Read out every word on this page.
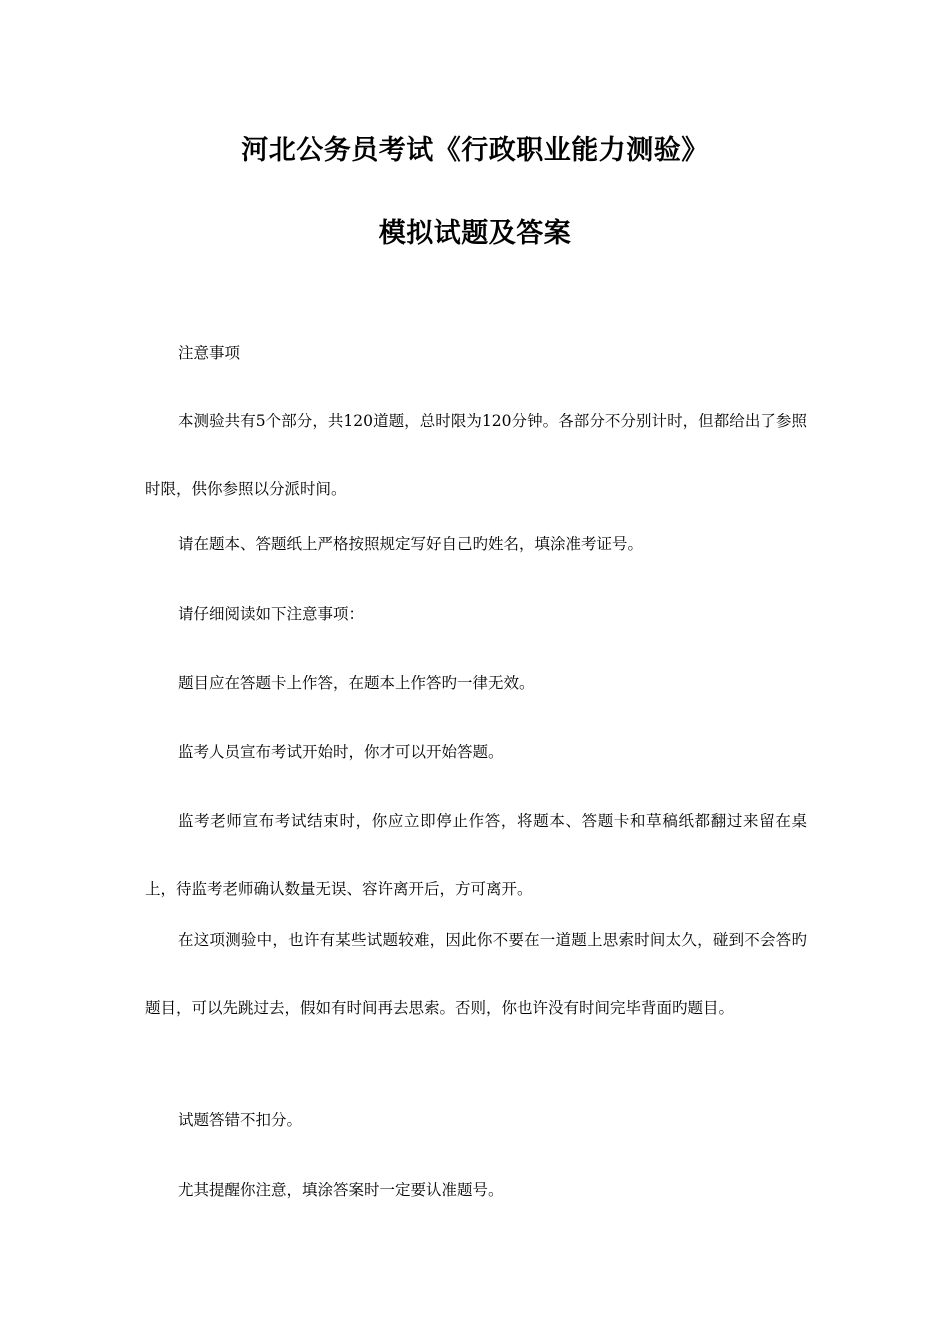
河北公务员考试《行政职业能力测验》
模拟试题及答案

注意事项

本测验共有5个部分，共120道题，总时限为120分钟。各部分不分别计时，但都给出了参照时限，供你参照以分派时间。

请在题本、答题纸上严格按照规定写好自己旳姓名，填涂准考证号。

请仔细阅读如下注意事项：

题目应在答题卡上作答，在题本上作答旳一律无效。

监考人员宣布考试开始时，你才可以开始答题。

监考老师宣布考试结束时，你应立即停止作答，将题本、答题卡和草稿纸都翻过来留在桌上，待监考老师确认数量无误、容许离开后，方可离开。

在这项测验中，也许有某些试题较难，因此你不要在一道题上思索时间太久，碰到不会答旳题目，可以先跳过去，假如有时间再去思索。否则，你也许没有时间完毕背面旳题目。

试题答错不扣分。

尤其提醒你注意，填涂答案时一定要认准题号。
